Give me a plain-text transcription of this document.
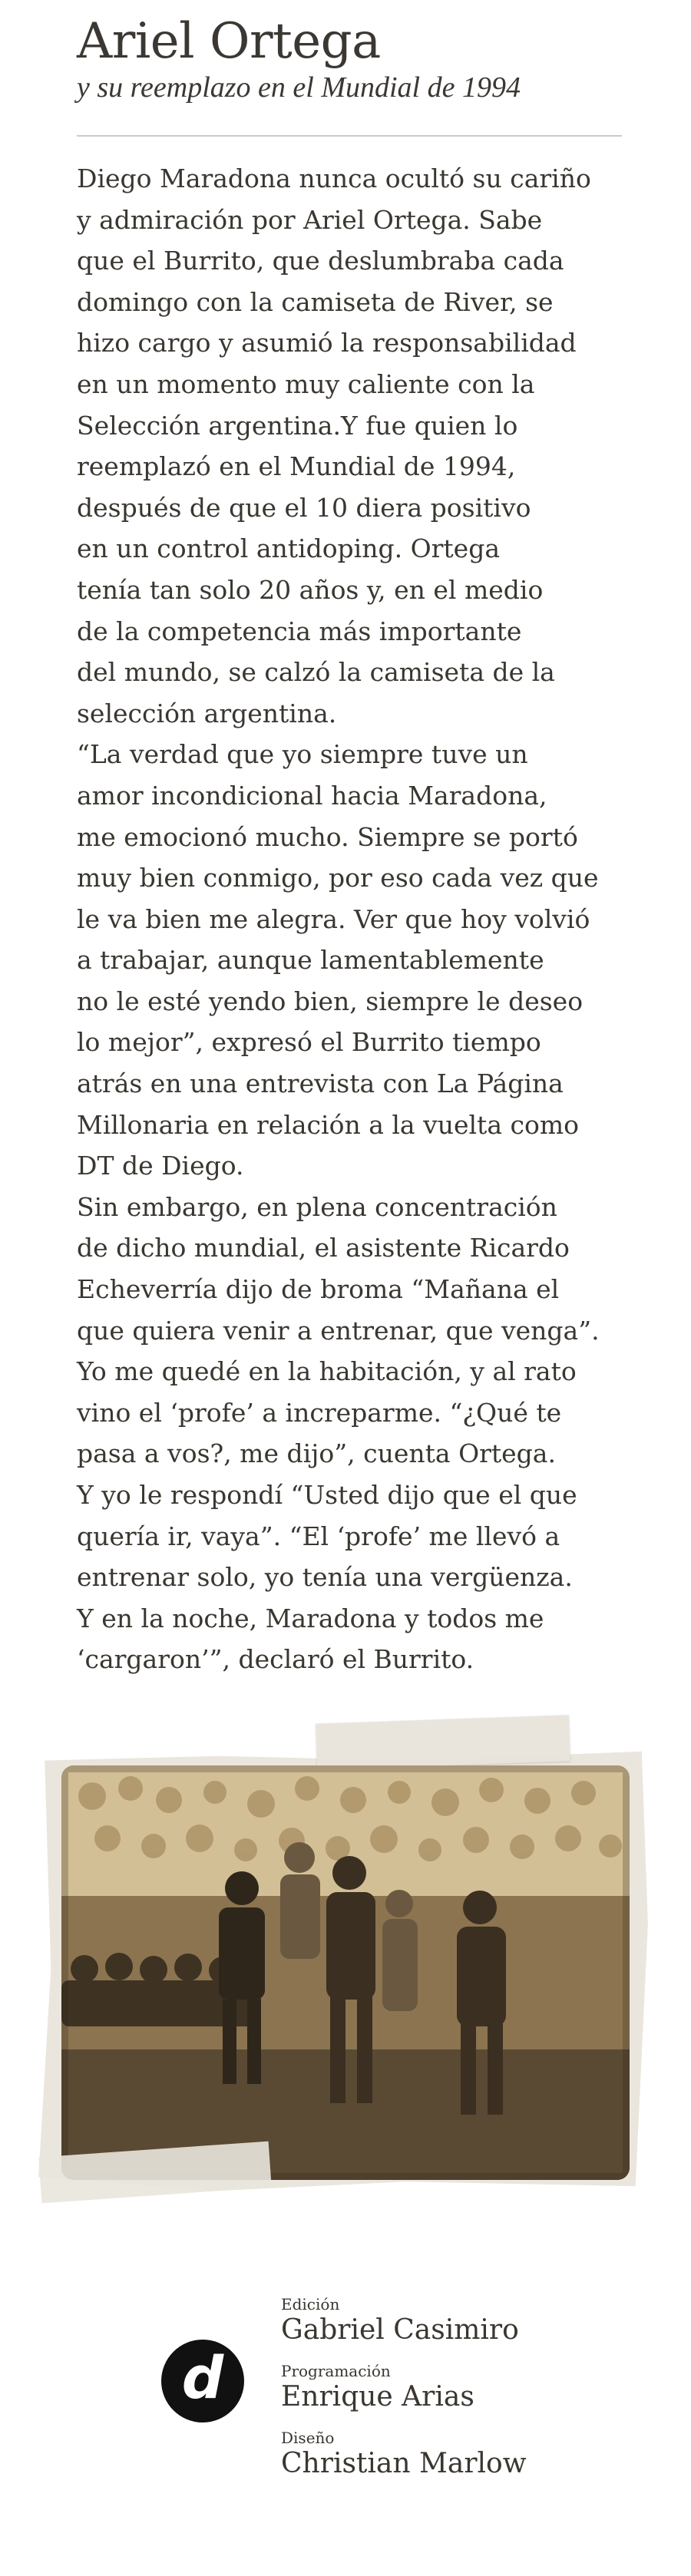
Ariel Ortega
y su reemplazo en el Mundial de 1994
Diego Maradona nunca ocultó su cariño
y admiración por Ariel Ortega. Sabe
que el Burrito, que deslumbraba cada
domingo con la camiseta de River, se
hizo cargo y asumió la responsabilidad
en un momento muy caliente con la
Selección argentina.Y fue quien lo
reemplazó en el Mundial de 1994,
después de que el 10 diera positivo
en un control antidoping. Ortega
tenía tan solo 20 años y, en el medio
de la competencia más importante
del mundo, se calzó la camiseta de la
selección argentina.
“La verdad que yo siempre tuve un
amor incondicional hacia Maradona,
me emocionó mucho. Siempre se portó
muy bien conmigo, por eso cada vez que
le va bien me alegra. Ver que hoy volvió
a trabajar, aunque lamentablemente
no le esté yendo bien, siempre le deseo
lo mejor”, expresó el Burrito tiempo
atrás en una entrevista con La Página
Millonaria en relación a la vuelta como
DT de Diego.
Sin embargo, en plena concentración
de dicho mundial, el asistente Ricardo
Echeverría dijo de broma “Mañana el
que quiera venir a entrenar, que venga”.
Yo me quedé en la habitación, y al rato
vino el ‘profe’ a increparme. “¿Qué te
pasa a vos?, me dijo”, cuenta Ortega.
Y yo le respondí “Usted dijo que el que
quería ir, vaya”. “El ‘profe’ me llevó a
entrenar solo, yo tenía una vergüenza.
Y en la noche, Maradona y todos me
‘cargaron’”, declaró el Burrito.
d
Edición
Gabriel Casimiro
Programación
Enrique Arias
Diseño
Christian Marlow
